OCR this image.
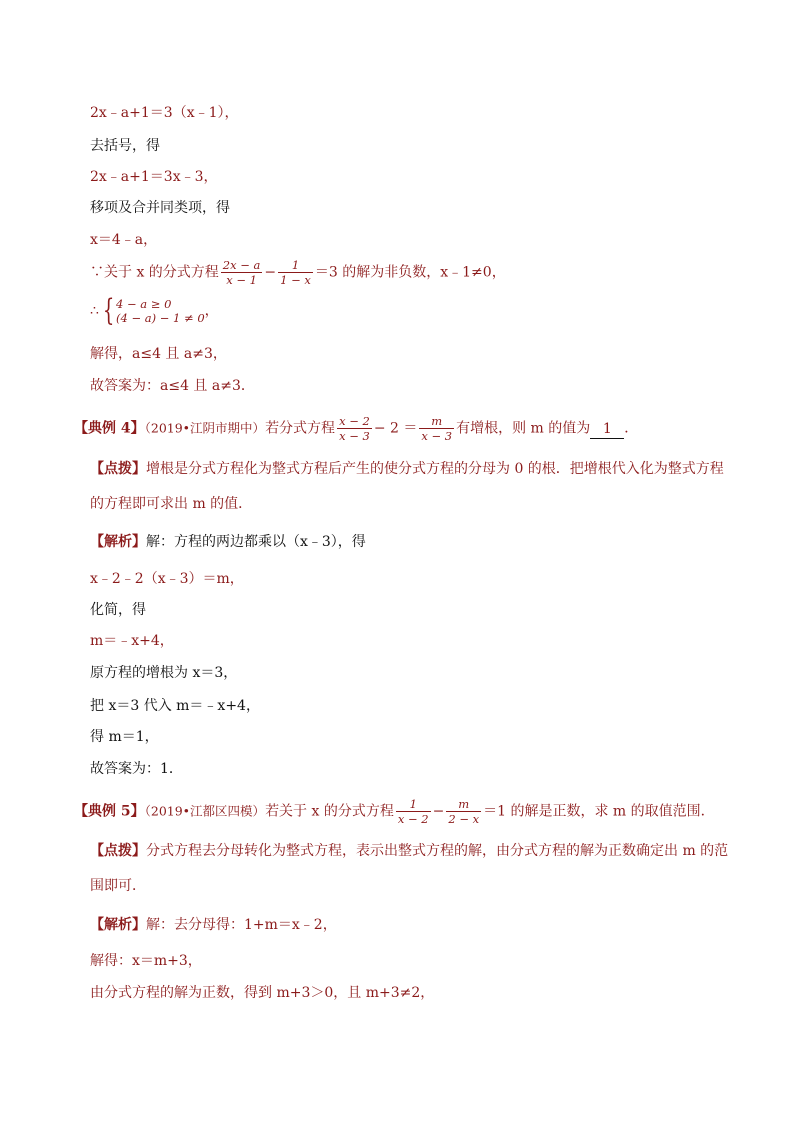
2x﹣a+1＝3（x﹣1），
去括号，得
2x﹣a+1＝3x﹣3，
移项及合并同类项，得
x＝4﹣a，
∵关于 x 的分式方程 $\frac{2x - a}{x - 1} - \frac{1}{1 - x} =3$ 的解为非负数，x﹣1≠0，
∴ { 4 − a ≥ 0
(4 − a) − 1 ≠ 0 ，
解得，a≤4 且 a≠3，
故答案为：a≤4 且 a≠3．
【典例 4】（2019•江阴市期中）若分式方程 $\frac{x - 2}{x - 3} - 2 = \frac{m}{x - 3}$ 有增根，则 m 的值为 1 ．
【点拨】增根是分式方程化为整式方程后产生的使分式方程的分母为 0 的根．把增根代入化为整式方程
的方程即可求出 m 的值．
【解析】解：方程的两边都乘以（x﹣3），得
x﹣2﹣2（x﹣3）＝m，
化简，得
m＝﹣x+4，
原方程的增根为 x＝3，
把 x＝3 代入 m＝﹣x+4，
得 m＝1，
故答案为：1．
【典例 5】（2019•江都区四模）若关于 x 的分式方程 $\frac{1}{x - 2} - \frac{m}{2 - x} =1$ 的解是正数，求 m 的取值范围．
【点拨】分式方程去分母转化为整式方程，表示出整式方程的解，由分式方程的解为正数确定出 m 的范
围即可．
【解析】解：去分母得：1+m＝x﹣2，
解得：x＝m+3，
由分式方程的解为正数，得到 m+3＞0，且 m+3≠2，
